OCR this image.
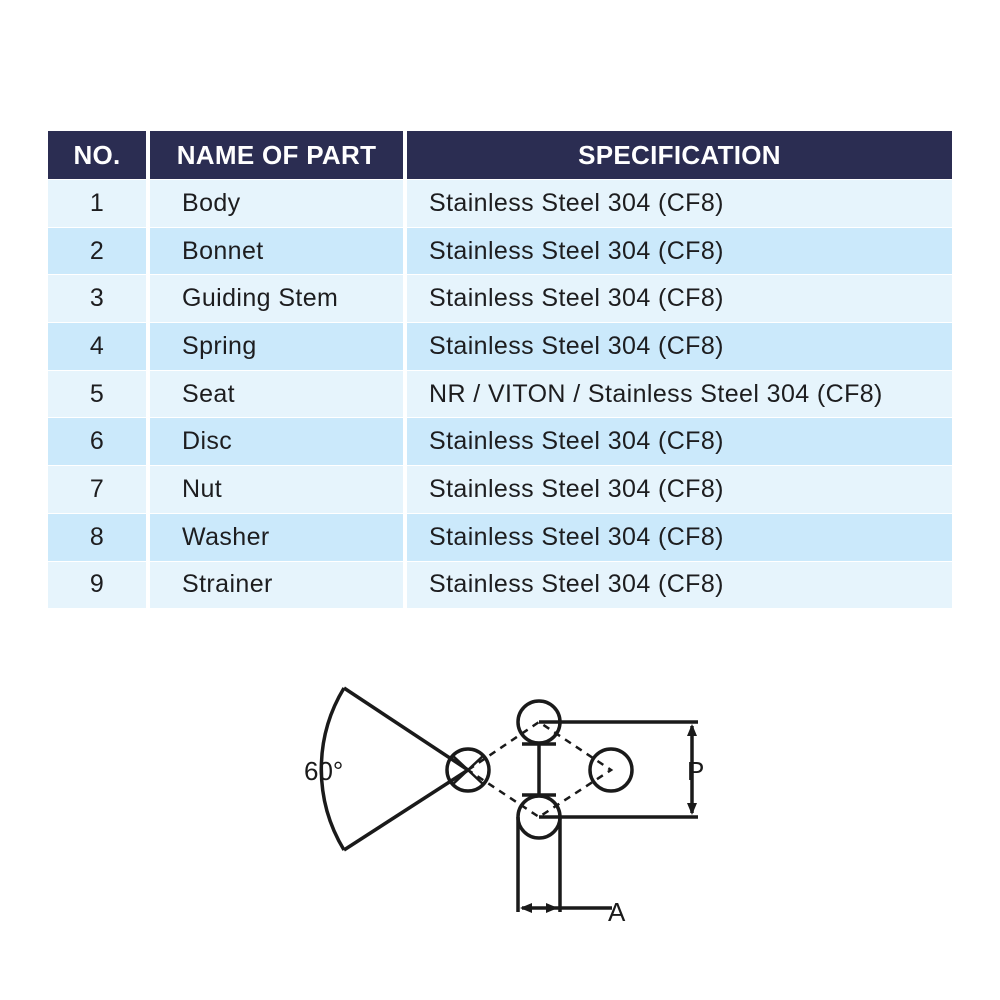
NO.	NAME OF PART	SPECIFICATION
1	Body	Stainless Steel 304 (CF8)
2	Bonnet	Stainless Steel 304 (CF8)
3	Guiding Stem	Stainless Steel 304 (CF8)
4	Spring	Stainless Steel 304 (CF8)
5	Seat	NR / VITON / Stainless Steel 304 (CF8)
6	Disc	Stainless Steel 304 (CF8)
7	Nut	Stainless Steel 304 (CF8)
8	Washer	Stainless Steel 304 (CF8)
9	Strainer	Stainless Steel 304 (CF8)
60°	P
A
